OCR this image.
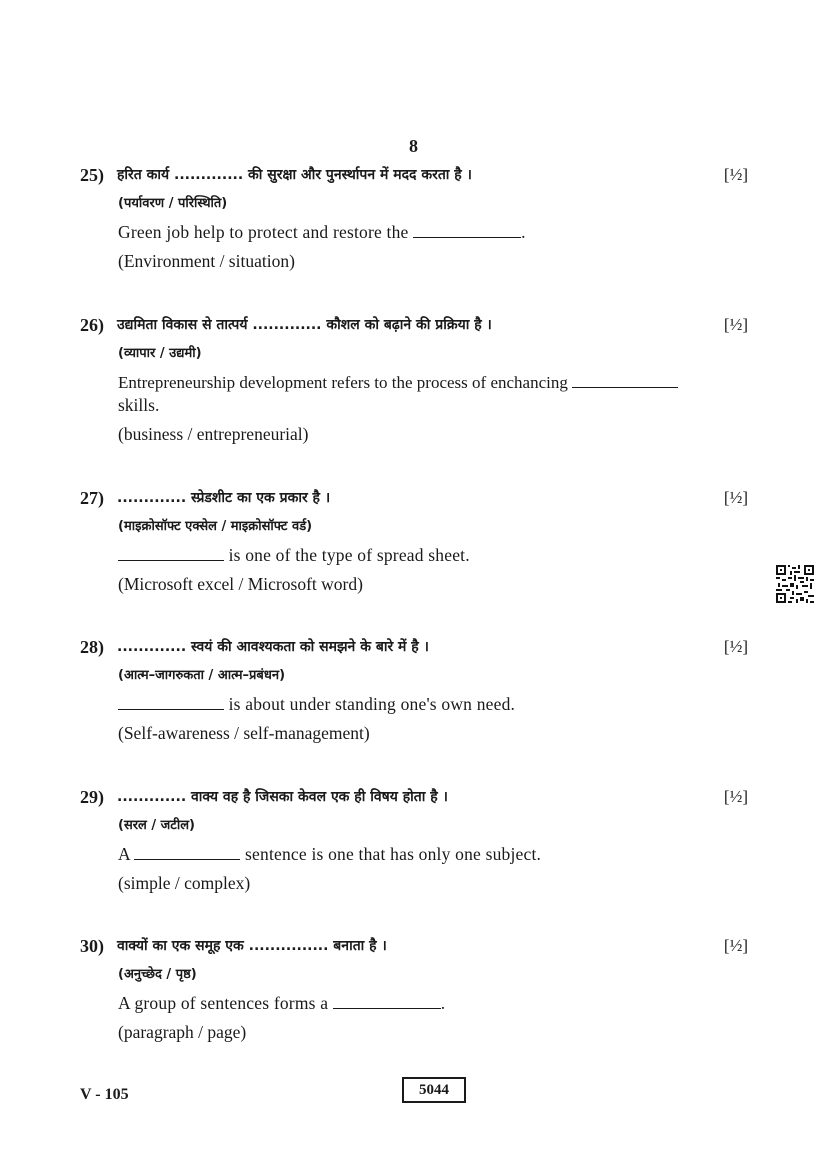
8
25) हरित कार्य ............. की सुरक्षा और पुनर्स्थापन में मदद करता है ।	[½]
(पर्यावरण / परिस्थिति)
Green job help to protect and restore the	.
(Environment / situation)
26) उद्यमिता विकास से तात्पर्य ............. कौशल को बढ़ाने की प्रक्रिया है ।	[½]
(व्यापार / उद्यमी)
Entrepreneurship development refers to the process of enchancing
skills.
(business / entrepreneurial)
27) ............. स्प्रेडशीट का एक प्रकार है ।	[½]
(माइक्रोसॉफ्ट एक्सेल / माइक्रोसॉफ्ट वर्ड)
is one of the type of spread sheet.
(Microsoft excel / Microsoft word)
28) ............. स्वयं की आवश्यकता को समझने के बारे में है ।	[½]
(आत्म–जागरुकता / आत्म–प्रबंधन)
is about under standing one's own need.
(Self-awareness / self-management)
29) ............. वाक्य वह है जिसका केवल एक ही विषय होता है ।	[½]
(सरल / जटील)
A	sentence is one that has only one subject.
(simple / complex)
30) वाक्यों का एक समूह एक ............... बनाता है ।	[½]
(अनुच्छेद / पृष्ठ)
A group of sentences forms a	.
(paragraph / page)
V - 105	5044
